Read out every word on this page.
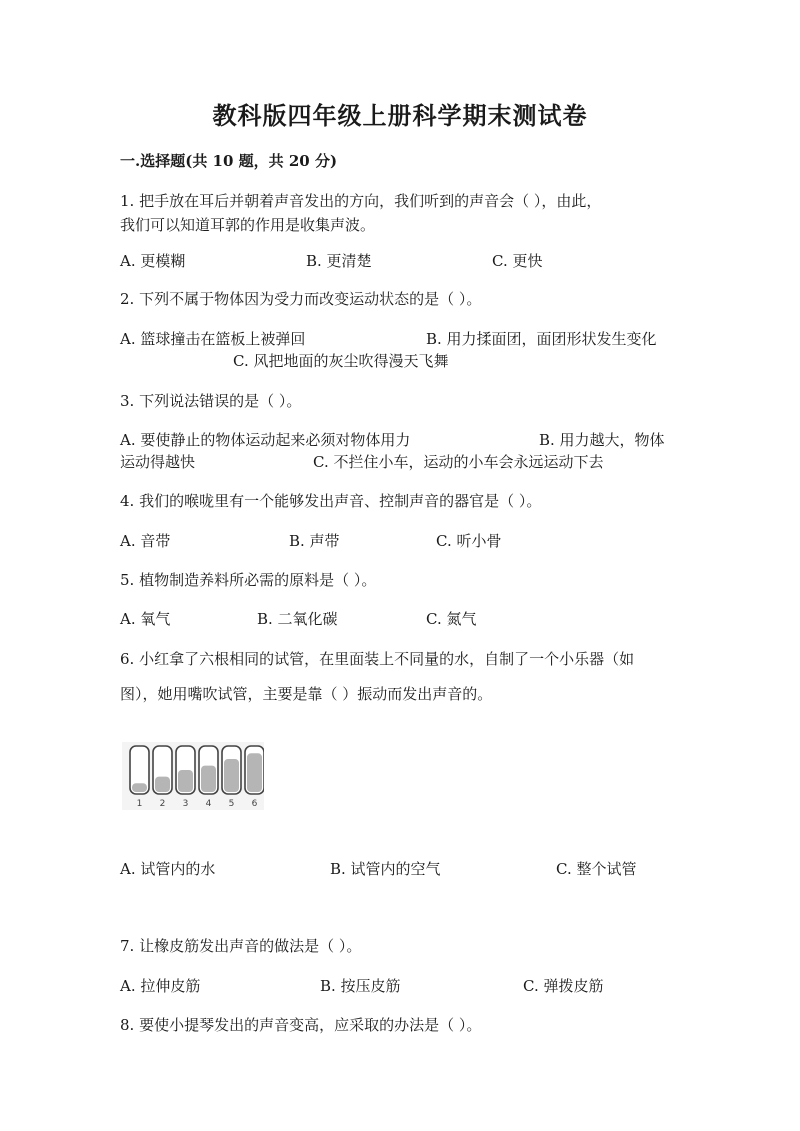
教科版四年级上册科学期末测试卷
一.选择题(共 10 题，共 20 分)
1. 把手放在耳后并朝着声音发出的方向，我们听到的声音会（ ），由此，
我们可以知道耳郭的作用是收集声波。
A. 更模糊	B. 更清楚	C. 更快
2. 下列不属于物体因为受力而改变运动状态的是（ ）。
A. 篮球撞击在篮板上被弹回	B. 用力揉面团，面团形状发生变化
C. 风把地面的灰尘吹得漫天飞舞
3. 下列说法错误的是（ ）。
A. 要使静止的物体运动起来必须对物体用力	B. 用力越大，物体
运动得越快	C. 不拦住小车，运动的小车会永远运动下去
4. 我们的喉咙里有一个能够发出声音、控制声音的器官是（ ）。
A. 音带	B. 声带	C. 听小骨
5. 植物制造养料所必需的原料是（ ）。
A. 氧气	B. 二氧化碳	C. 氮气
6. 小红拿了六根相同的试管，在里面装上不同量的水，自制了一个小乐器（如
图），她用嘴吹试管，主要是靠（ ）振动而发出声音的。
1 2 3 4 5 6
A. 试管内的水	B. 试管内的空气	C. 整个试管
7. 让橡皮筋发出声音的做法是（ ）。
A. 拉伸皮筋	B. 按压皮筋	C. 弹拨皮筋
8. 要使小提琴发出的声音变高，应采取的办法是（ ）。
